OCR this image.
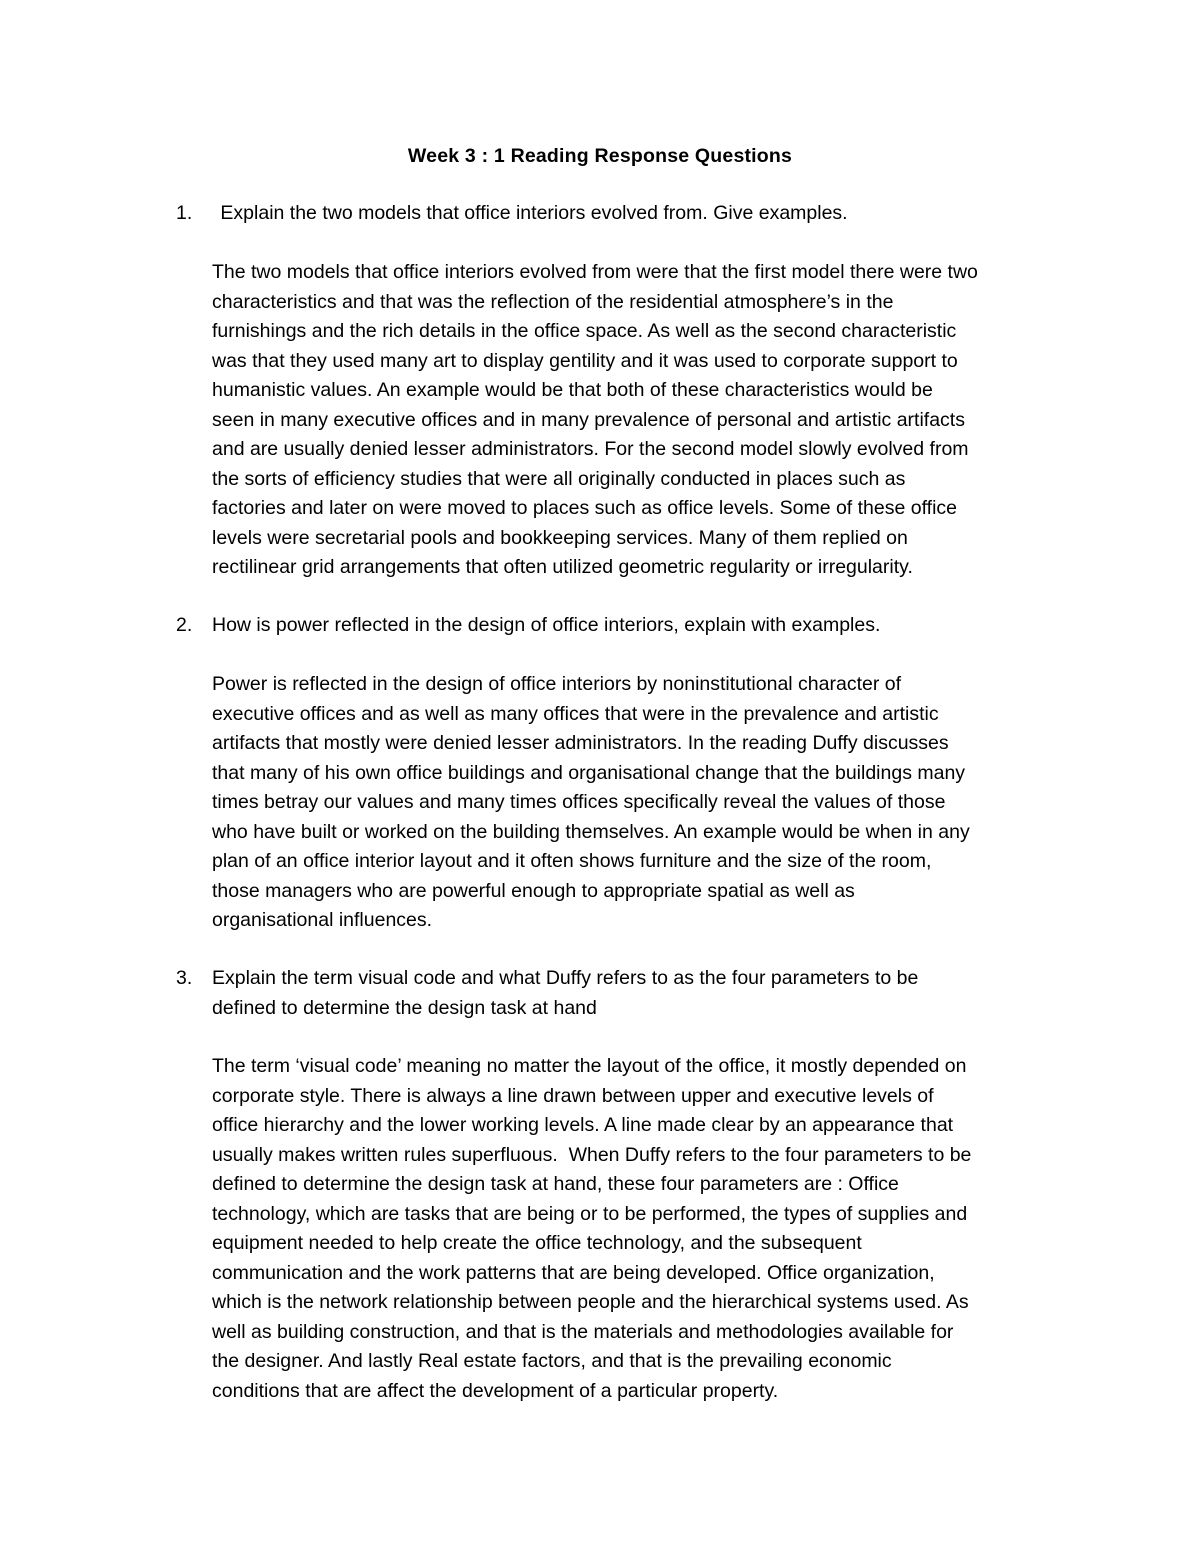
Week 3 : 1 Reading Response Questions
1. Explain the two models that office interiors evolved from. Give examples.
The two models that office interiors evolved from were that the first model there were two
characteristics and that was the reflection of the residential atmosphere’s in the
furnishings and the rich details in the office space. As well as the second characteristic
was that they used many art to display gentility and it was used to corporate support to
humanistic values. An example would be that both of these characteristics would be
seen in many executive offices and in many prevalence of personal and artistic artifacts
and are usually denied lesser administrators. For the second model slowly evolved from
the sorts of efficiency studies that were all originally conducted in places such as
factories and later on were moved to places such as office levels. Some of these office
levels were secretarial pools and bookkeeping services. Many of them replied on
rectilinear grid arrangements that often utilized geometric regularity or irregularity.
2. How is power reflected in the design of office interiors, explain with examples.
Power is reflected in the design of office interiors by noninstitutional character of
executive offices and as well as many offices that were in the prevalence and artistic
artifacts that mostly were denied lesser administrators. In the reading Duffy discusses
that many of his own office buildings and organisational change that the buildings many
times betray our values and many times offices specifically reveal the values of those
who have built or worked on the building themselves. An example would be when in any
plan of an office interior layout and it often shows furniture and the size of the room,
those managers who are powerful enough to appropriate spatial as well as
organisational influences.
3. Explain the term visual code and what Duffy refers to as the four parameters to be
defined to determine the design task at hand
The term ‘visual code’ meaning no matter the layout of the office, it mostly depended on
corporate style. There is always a line drawn between upper and executive levels of
office hierarchy and the lower working levels. A line made clear by an appearance that
usually makes written rules superfluous.  When Duffy refers to the four parameters to be
defined to determine the design task at hand, these four parameters are : Office
technology, which are tasks that are being or to be performed, the types of supplies and
equipment needed to help create the office technology, and the subsequent
communication and the work patterns that are being developed. Office organization,
which is the network relationship between people and the hierarchical systems used. As
well as building construction, and that is the materials and methodologies available for
the designer. And lastly Real estate factors, and that is the prevailing economic
conditions that are affect the development of a particular property.
